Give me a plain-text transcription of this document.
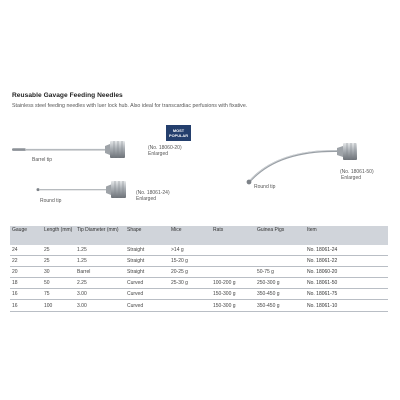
Reusable Gavage Feeding Needles
Stainless steel feeding needles with luer lock hub. Also ideal for transcardiac perfusions with fixative.
Barrel tip
(No. 18060-20)
Enlarged
Round tip
(No. 18061-24)
Enlarged
Round tip
(No. 18061-50)
Enlarged
MOST
POPULAR
Gauge	Length (mm)	Tip Diameter (mm)	Shape	Mice	Rats	Guinea Pigs	Item
24	25	1.25	Straight	>14 g			No. 18061-24
22	25	1.25	Straight	15-20 g			No. 18061-22
20	30	Barrel	Straight	20-25 g		50-75 g	No. 18060-20
18	50	2.25	Curved	25-30 g	100-200 g	250-300 g	No. 18061-50
16	75	3.00	Curved		150-300 g	350-450 g	No. 18061-75
16	100	3.00	Curved		150-300 g	350-450 g	No. 18061-10
